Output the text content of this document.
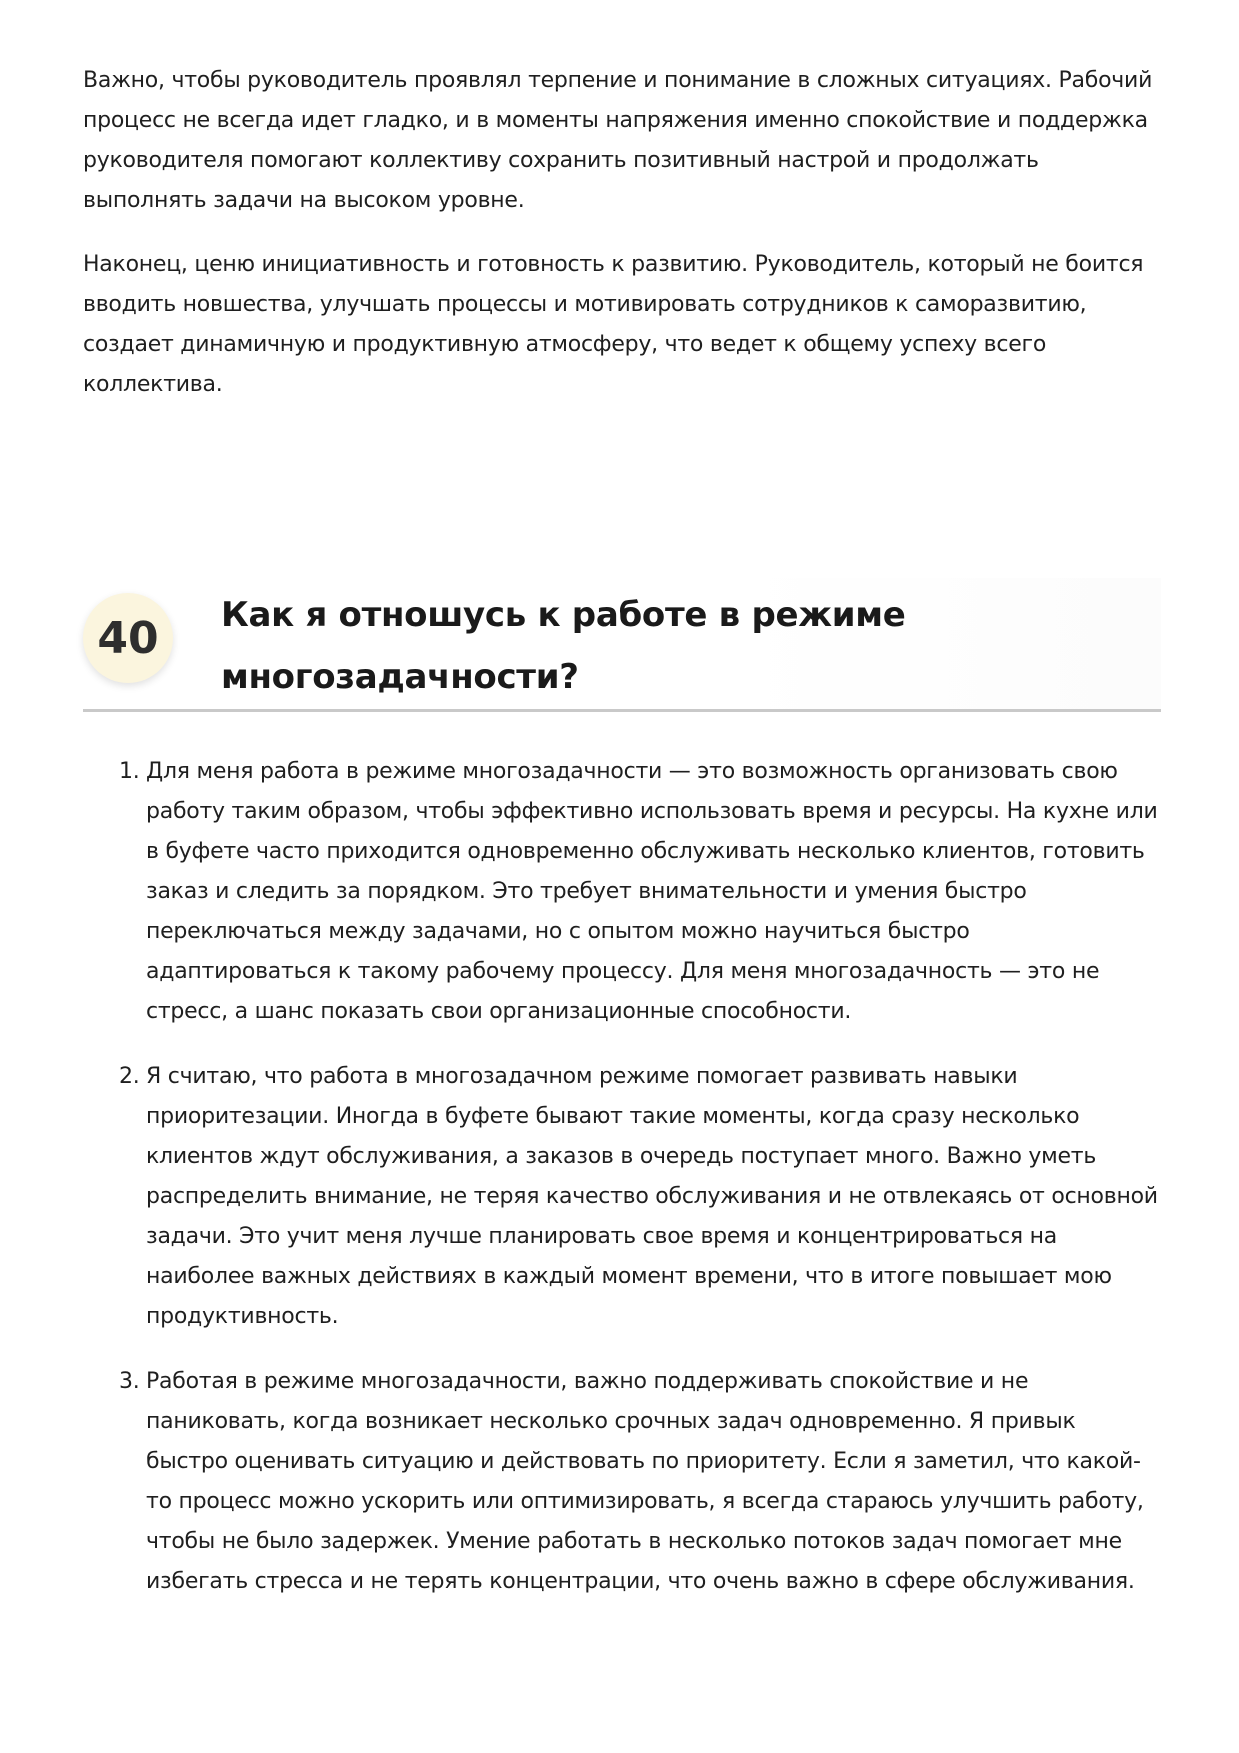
Важно, чтобы руководитель проявлял терпение и понимание в сложных ситуациях. Рабочий процесс не всегда идет гладко, и в моменты напряжения именно спокойствие и поддержка руководителя помогают коллективу сохранить позитивный настрой и продолжать выполнять задачи на высоком уровне.

Наконец, ценю инициативность и готовность к развитию. Руководитель, который не боится вводить новшества, улучшать процессы и мотивировать сотрудников к саморазвитию, создает динамичную и продуктивную атмосферу, что ведет к общему успеху всего коллектива.

40	Как я отношусь к работе в режиме многозадачности?
1. Для меня работа в режиме многозадачности — это возможность организовать свою работу таким образом, чтобы эффективно использовать время и ресурсы. На кухне или в буфете часто приходится одновременно обслуживать несколько клиентов, готовить заказ и следить за порядком. Это требует внимательности и умения быстро переключаться между задачами, но с опытом можно научиться быстро адаптироваться к такому рабочему процессу. Для меня многозадачность — это не стресс, а шанс показать свои организационные способности.
2. Я считаю, что работа в многозадачном режиме помогает развивать навыки приоритезации. Иногда в буфете бывают такие моменты, когда сразу несколько клиентов ждут обслуживания, а заказов в очередь поступает много. Важно уметь распределить внимание, не теряя качество обслуживания и не отвлекаясь от основной задачи. Это учит меня лучше планировать свое время и концентрироваться на наиболее важных действиях в каждый момент времени, что в итоге повышает мою продуктивность.
3. Работая в режиме многозадачности, важно поддерживать спокойствие и не паниковать, когда возникает несколько срочных задач одновременно. Я привык быстро оценивать ситуацию и действовать по приоритету. Если я заметил, что какой-то процесс можно ускорить или оптимизировать, я всегда стараюсь улучшить работу, чтобы не было задержек. Умение работать в несколько потоков задач помогает мне избегать стресса и не терять концентрации, что очень важно в сфере обслуживания.
